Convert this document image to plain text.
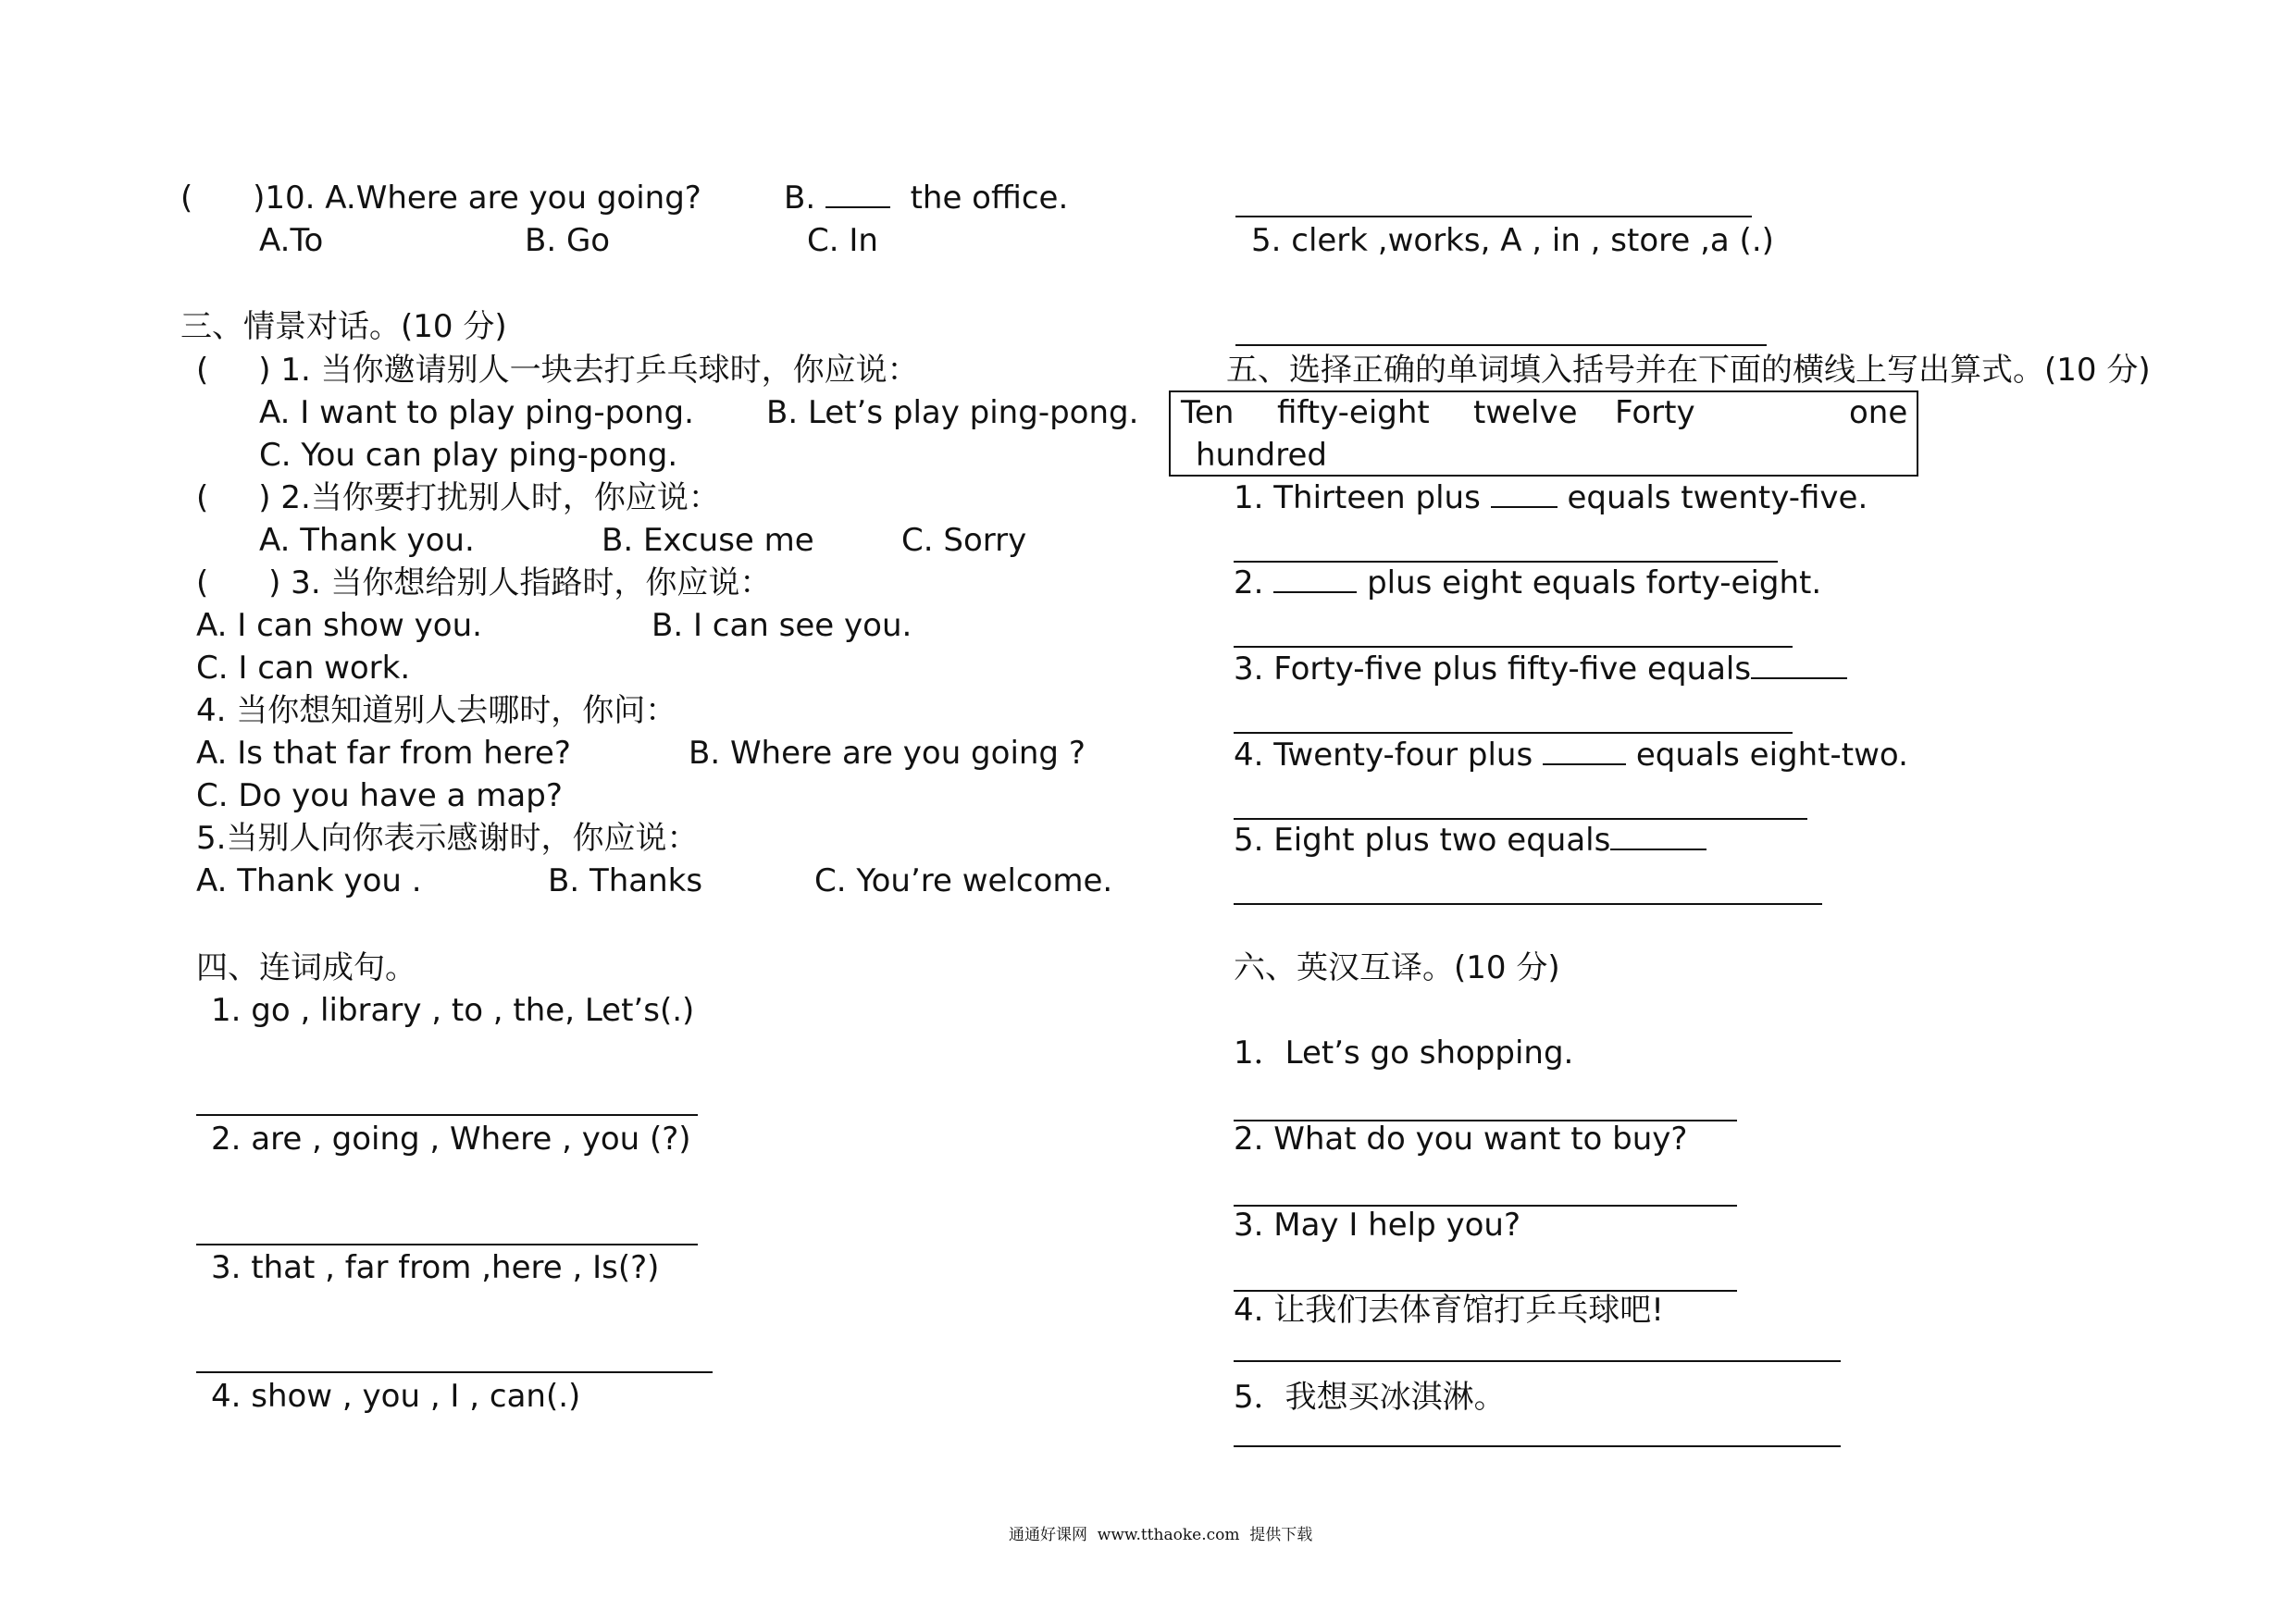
(      )10. A.Where are you going?	B.	the office.
A.To	B. Go	C. In
三、情景对话。(10 分)
(     ) 1. 当你邀请别人一块去打乒乓球时，你应说：
A. I want to play ping-pong. B. Let’s play ping-pong.
C. You can play ping-pong.
(     ) 2.当你要打扰别人时，你应说：
A. Thank you.	B. Excuse me	C. Sorry
(      ) 3. 当你想给别人指路时，你应说：
A. I can show you.	B. I can see you.
C. I can work.
4. 当你想知道别人去哪时，你问：
A. Is that far from here?	B. Where are you going ?
C. Do you have a map?
5.当别人向你表示感谢时，你应说：
A. Thank you .	B. Thanks	C. You’re welcome.
四、连词成句。
1. go , library , to , the, Let’s(.)
2. are , going , Where , you (?)
3. that , far from ,here , Is(?)
4. show , you , I , can(.)
5. clerk ,works, A , in , store ,a (.)
五、选择正确的单词填入括号并在下面的横线上写出算式。(10 分)
Ten fifty-eight twelve Forty	one
hundred
1. Thirteen plus	equals twenty-five.
2.	plus eight equals forty-eight.
3. Forty-five plus fifty-five equals
4. Twenty-four plus	equals eight-two.
5. Eight plus two equals
六、英汉互译。(10 分)
1．Let’s go shopping.
2. What do you want to buy?
3. May I help you?
4. 让我们去体育馆打乒乓球吧!
5．我想买冰淇淋。
通通好课网  www.tthaoke.com  提供下载
